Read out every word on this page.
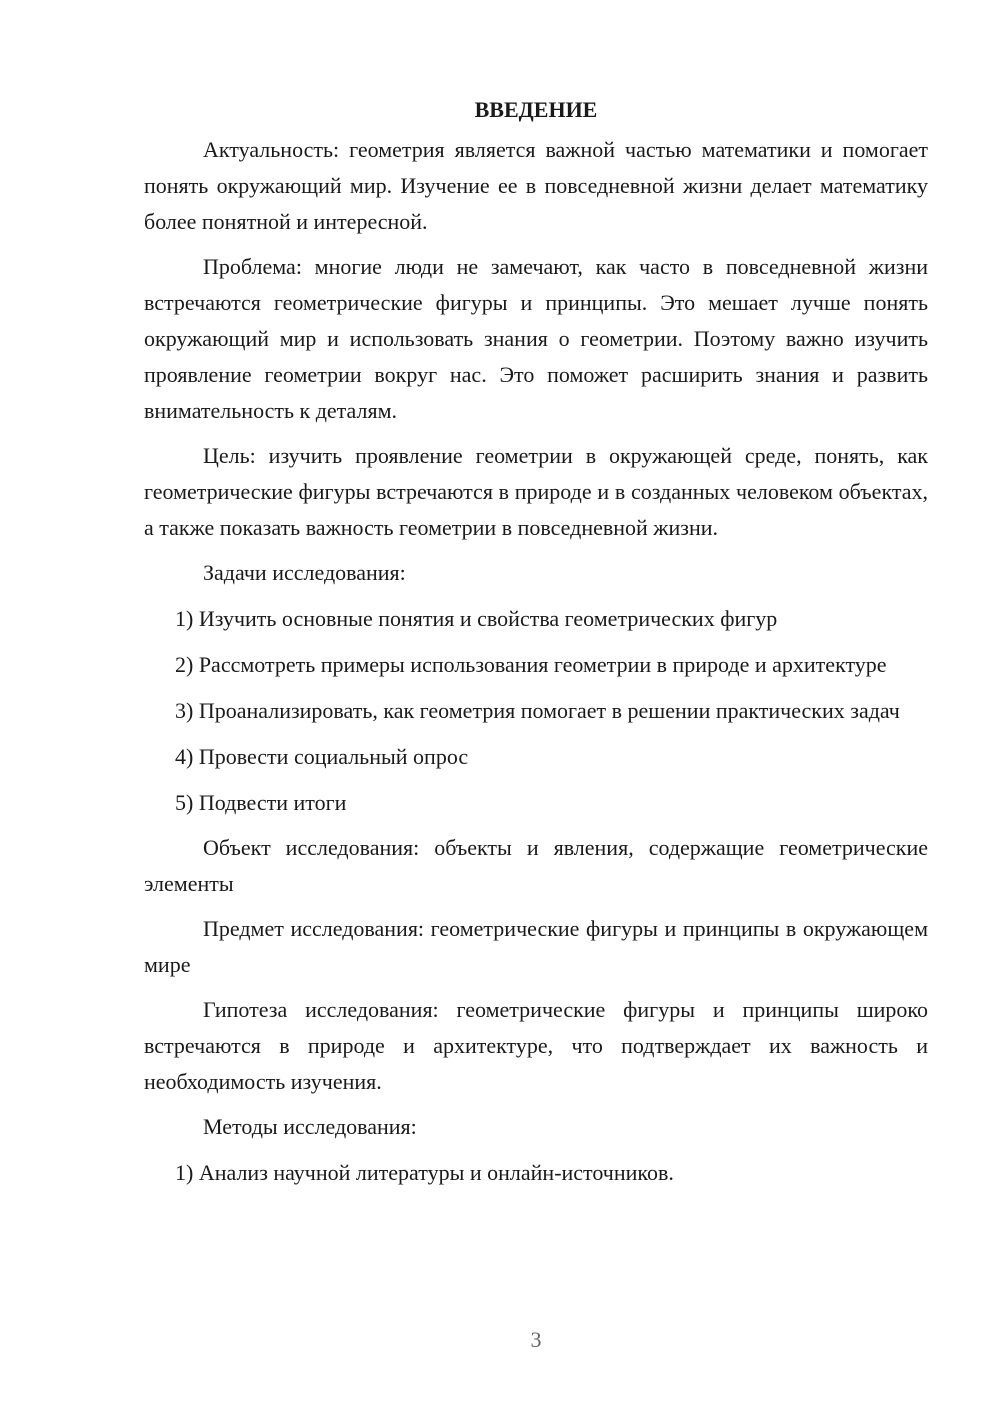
ВВЕДЕНИЕ

Актуальность: геометрия является важной частью математики и помогает понять окружающий мир. Изучение ее в повседневной жизни делает математику более понятной и интересной.

Проблема: многие люди не замечают, как часто в повседневной жизни встречаются геометрические фигуры и принципы. Это мешает лучше понять окружающий мир и использовать знания о геометрии. Поэтому важно изучить проявление геометрии вокруг нас. Это поможет расширить знания и развить внимательность к деталям.

Цель: изучить проявление геометрии в окружающей среде, понять, как геометрические фигуры встречаются в природе и в созданных человеком объектах, а также показать важность геометрии в повседневной жизни.

Задачи исследования:

1) Изучить основные понятия и свойства геометрических фигур

2) Рассмотреть примеры использования геометрии в природе и архитектуре

3) Проанализировать, как геометрия помогает в решении практических задач

4) Провести социальный опрос

5) Подвести итоги

Объект исследования: объекты и явления, содержащие геометрические элементы

Предмет исследования: геометрические фигуры и принципы в окружающем мире

Гипотеза исследования: геометрические фигуры и принципы широко встречаются в природе и архитектуре, что подтверждает их важность и необходимость изучения.

Методы исследования:

1) Анализ научной литературы и онлайн-источников.

3
